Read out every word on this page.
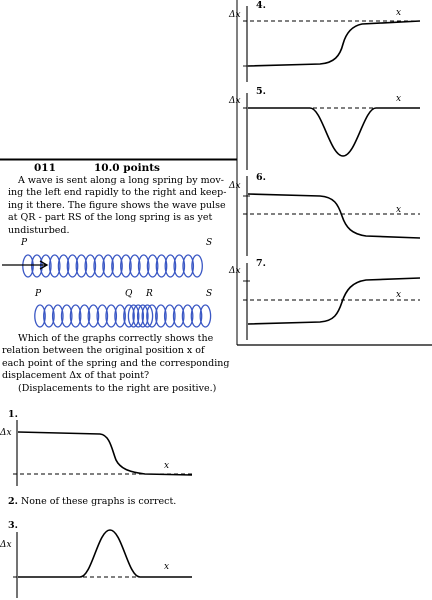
4.
Δx	x
5.
Δx	x
6.
Δx
x
7.
Δx
x
011	10.0 points
A wave is sent along a long spring by mov-
ing the left end rapidly to the right and keep-
ing it there. The figure shows the wave pulse
at QR - part RS of the long spring is as yet
undisturbed.
P	S
P	Q R	S
Which of the graphs correctly shows the
relation between the original position x of
each point of the spring and the corresponding
displacement Δx of that point?
(Displacements to the right are positive.)
1.
Δx
x
2. None of these graphs is correct.
3.
Δx
x
